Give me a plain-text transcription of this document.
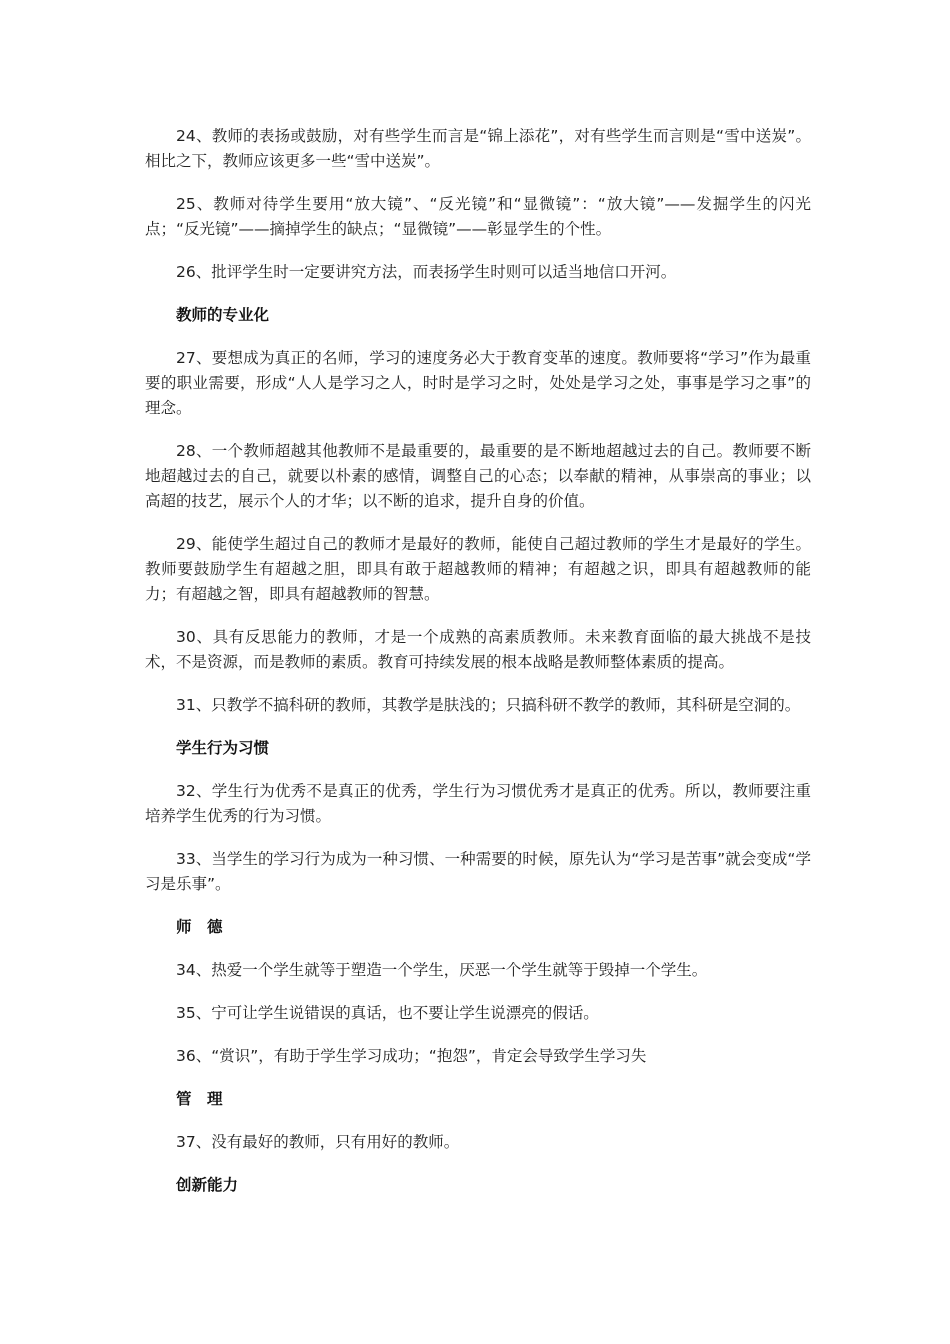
24、教师的表扬或鼓励，对有些学生而言是“锦上添花”，对有些学生而言则是“雪中送炭”。相比之下，教师应该更多一些“雪中送炭”。

25、教师对待学生要用“放大镜”、“反光镜”和“显微镜”：“放大镜”——发掘学生的闪光点；“反光镜”——摘掉学生的缺点；“显微镜”——彰显学生的个性。

26、批评学生时一定要讲究方法，而表扬学生时则可以适当地信口开河。

教师的专业化

27、要想成为真正的名师，学习的速度务必大于教育变革的速度。教师要将“学习”作为最重要的职业需要，形成“人人是学习之人，时时是学习之时，处处是学习之处，事事是学习之事”的理念。

28、一个教师超越其他教师不是最重要的，最重要的是不断地超越过去的自己。教师要不断地超越过去的自己，就要以朴素的感情，调整自己的心态；以奉献的精神，从事崇高的事业；以高超的技艺，展示个人的才华；以不断的追求，提升自身的价值。

29、能使学生超过自己的教师才是最好的教师，能使自己超过教师的学生才是最好的学生。教师要鼓励学生有超越之胆，即具有敢于超越教师的精神；有超越之识，即具有超越教师的能力；有超越之智，即具有超越教师的智慧。

30、具有反思能力的教师，才是一个成熟的高素质教师。未来教育面临的最大挑战不是技术，不是资源，而是教师的素质。教育可持续发展的根本战略是教师整体素质的提高。

31、只教学不搞科研的教师，其教学是肤浅的；只搞科研不教学的教师，其科研是空洞的。

学生行为习惯

32、学生行为优秀不是真正的优秀，学生行为习惯优秀才是真正的优秀。所以，教师要注重培养学生优秀的行为习惯。

33、当学生的学习行为成为一种习惯、一种需要的时候，原先认为“学习是苦事”就会变成“学习是乐事”。

师　德

34、热爱一个学生就等于塑造一个学生，厌恶一个学生就等于毁掉一个学生。

35、宁可让学生说错误的真话，也不要让学生说漂亮的假话。

36、“赏识”，有助于学生学习成功；“抱怨”，肯定会导致学生学习失

管　理

37、没有最好的教师，只有用好的教师。

创新能力
